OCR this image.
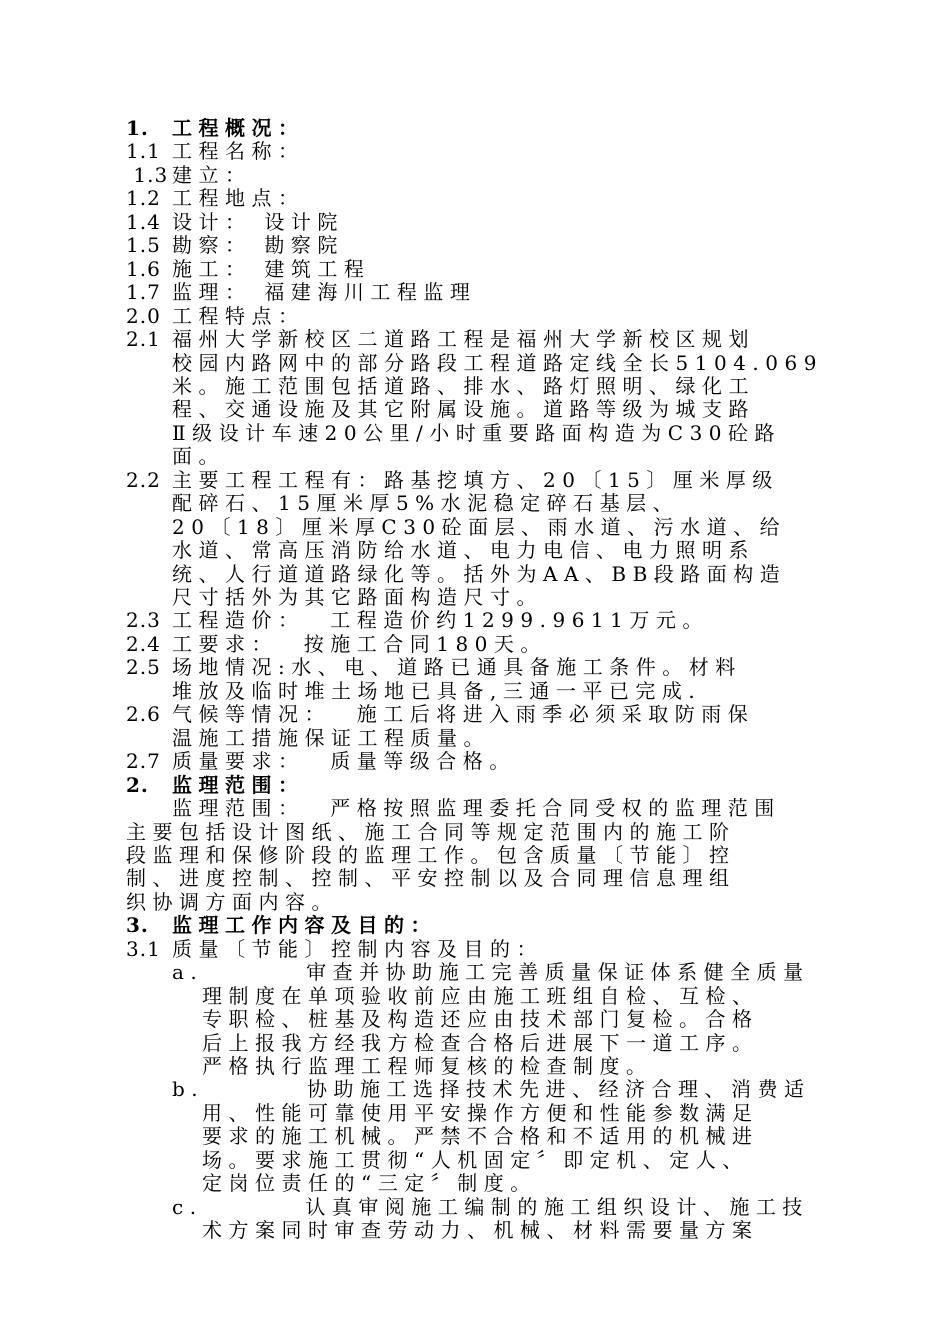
1. 工程概况：
1.1 工程名称：
1.3 建立：
1.2 工程地点：
1.4 设计： 设计院
1.5 勘察： 勘察院
1.6 施工： 建筑工程
1.7 监理： 福建海川工程监理
2.0 工程特点：
2.1 福州大学新校区二道路工程是福州大学新校区规划
校园内路网中的部分路段工程道路定线全长5104.069
米。施工范围包括道路、排水、路灯照明、绿化工
程、交通设施及其它附属设施。道路等级为城支路
Ⅱ级设计车速20公里/小时重要路面构造为C30砼路
面。
2.2 主要工程工程有：路基挖填方、20〔15〕厘米厚级
配碎石、15厘米厚5%水泥稳定碎石基层、
20〔18〕厘米厚C30砼面层、雨水道、污水道、给
水道、常高压消防给水道、电力电信、电力照明系
统、人行道道路绿化等。括外为AA、BB段路面构造
尺寸括外为其它路面构造尺寸。
2.3 工程造价：  工程造价约1299.9611万元。
2.4 工要求：  按施工合同180天。
2.5 场地情况:水、电、道路已通具备施工条件。材料
堆放及临时堆土场地已具备,三通一平已完成.
2.6 气候等情况：  施工后将进入雨季必须采取防雨保
温施工措施保证工程质量。
2.7 质量要求：  质量等级合格。
2. 监理范围：
监理范围：  严格按照监理委托合同受权的监理范围
主要包括设计图纸、施工合同等规定范围内的施工阶
段监理和保修阶段的监理工作。包含质量〔节能〕控
制、进度控制、控制、平安控制以及合同理信息理组
织协调方面内容。
3. 监理工作内容及目的：
3.1 质量〔节能〕控制内容及目的：
a.        审查并协助施工完善质量保证体系健全质量
理制度在单项验收前应由施工班组自检、互检、
专职检、桩基及构造还应由技术部门复检。合格
后上报我方经我方检查合格后进展下一道工序。
严格执行监理工程师复核的检查制度。
b.        协助施工选择技术先进、经济合理、消费适
用、性能可靠使用平安操作方便和性能参数满足
要求的施工机械。严禁不合格和不适用的机械进
场。要求施工贯彻“人机固定〞即定机、定人、
定岗位责任的“三定〞制度。
c.        认真审阅施工编制的施工组织设计、施工技
术方案同时审查劳动力、机械、材料需要量方案
